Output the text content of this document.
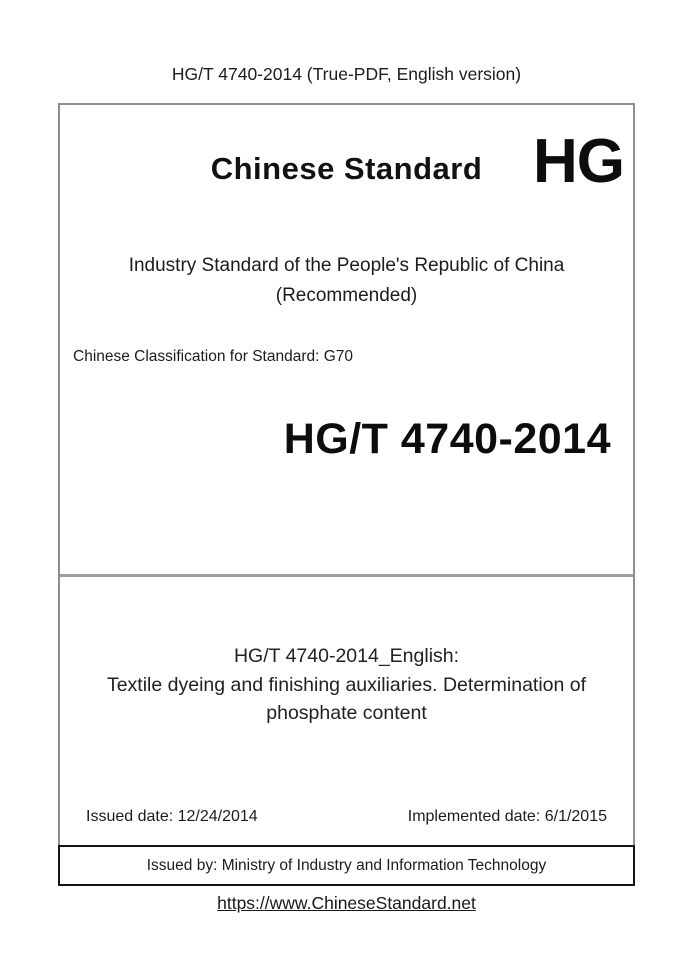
HG/T 4740-2014 (True-PDF, English version)
Chinese Standard HG
Industry Standard of the People's Republic of China
(Recommended)
Chinese Classification for Standard: G70
HG/T 4740-2014
HG/T 4740-2014_English:
Textile dyeing and finishing auxiliaries. Determination of
phosphate content
Issued date: 12/24/2014	Implemented date: 6/1/2015
Issued by: Ministry of Industry and Information Technology
https://www.ChineseStandard.net
